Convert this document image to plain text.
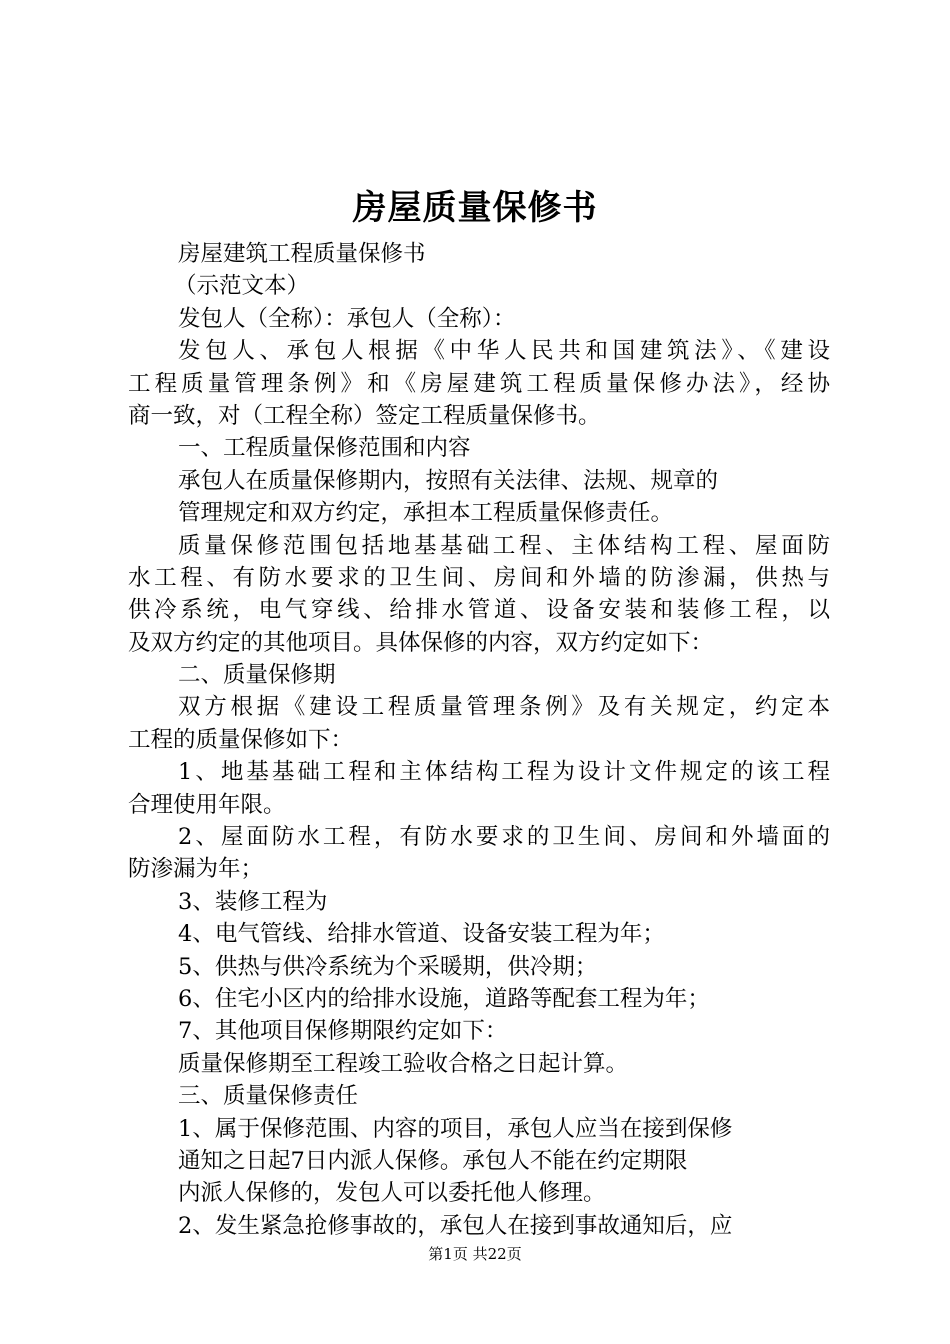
房屋质量保修书
房屋建筑工程质量保修书
（示范文本）
发包人（全称）：承包人（全称）：
发包人、承包人根据《中华人民共和国建筑法》、《建设
工程质量管理条例》和《房屋建筑工程质量保修办法》，经协
商一致，对（工程全称）签定工程质量保修书。
一、工程质量保修范围和内容
承包人在质量保修期内，按照有关法律、法规、规章的
管理规定和双方约定，承担本工程质量保修责任。
质量保修范围包括地基基础工程、主体结构工程、屋面防
水工程、有防水要求的卫生间、房间和外墙的防渗漏，供热与
供冷系统，电气穿线、给排水管道、设备安装和装修工程，以
及双方约定的其他项目。具体保修的内容，双方约定如下：
二、质量保修期
双方根据《建设工程质量管理条例》及有关规定，约定本
工程的质量保修如下：
1、地基基础工程和主体结构工程为设计文件规定的该工程
合理使用年限。
2、屋面防水工程，有防水要求的卫生间、房间和外墙面的
防渗漏为年；
3、装修工程为
4、电气管线、给排水管道、设备安装工程为年；
5、供热与供冷系统为个采暖期，供冷期；
6、住宅小区内的给排水设施，道路等配套工程为年；
7、其他项目保修期限约定如下：
质量保修期至工程竣工验收合格之日起计算。
三、质量保修责任
1、属于保修范围、内容的项目，承包人应当在接到保修
通知之日起7日内派人保修。承包人不能在约定期限
内派人保修的，发包人可以委托他人修理。
2、发生紧急抢修事故的，承包人在接到事故通知后，应
第1页 共22页
